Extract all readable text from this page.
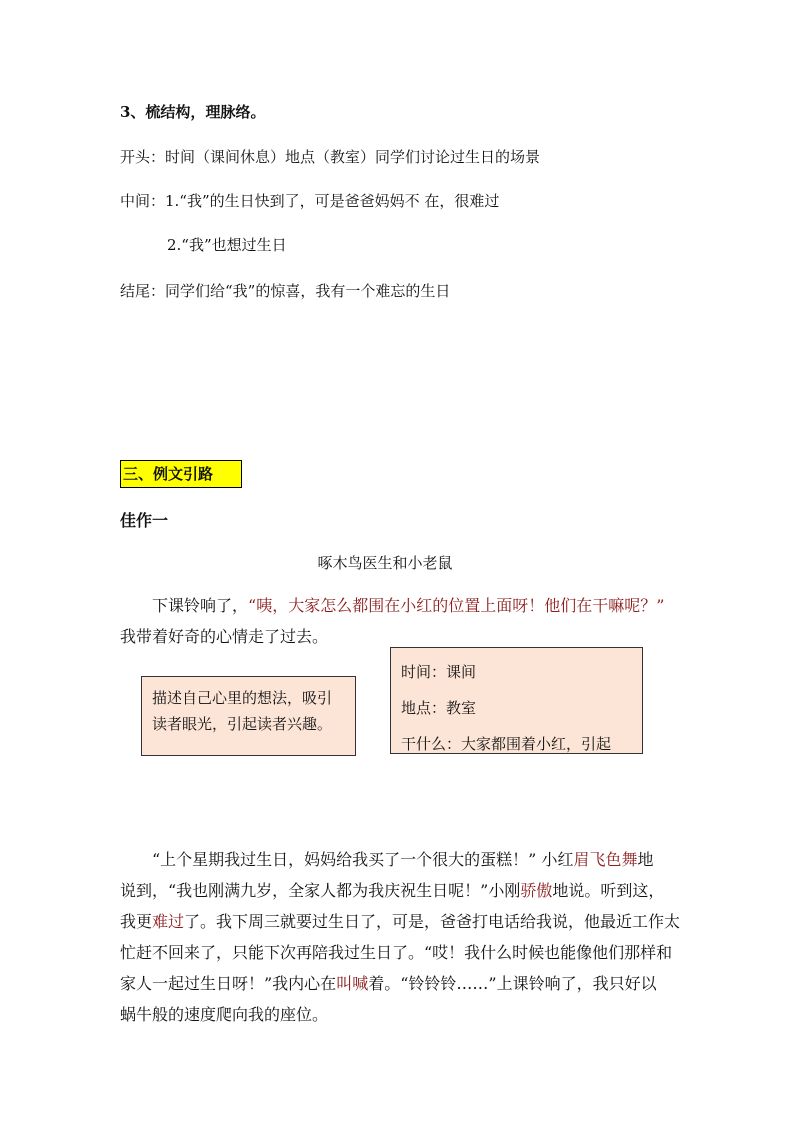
3、梳结构，理脉络。
开头：时间（课间休息）地点（教室）同学们讨论过生日的场景
中间：1.“我”的生日快到了，可是爸爸妈妈不 在，很难过
2.“我”也想过生日
结尾：同学们给“我”的惊喜，我有一个难忘的生日
三、例文引路
佳作一
啄木鸟医生和小老鼠
下课铃响了，“咦，大家怎么都围在小红的位置上面呀！他们在干嘛呢？”
我带着好奇的心情走了过去。
描述自己心里的想法，吸引读者眼光，引起读者兴趣。
时间：课间
地点：教室
干什么：大家都围着小红，引起
“上个星期我过生日，妈妈给我买了一个很大的蛋糕！” 小红眉飞色舞地
说到，“我也刚满九岁，全家人都为我庆祝生日呢！”小刚骄傲地说。听到这，
我更难过了。我下周三就要过生日了，可是，爸爸打电话给我说，他最近工作太
忙赶不回来了，只能下次再陪我过生日了。“哎！我什么时候也能像他们那样和
家人一起过生日呀！”我内心在叫喊着。“铃铃铃……”上课铃响了，我只好以
蜗牛般的速度爬向我的座位。
